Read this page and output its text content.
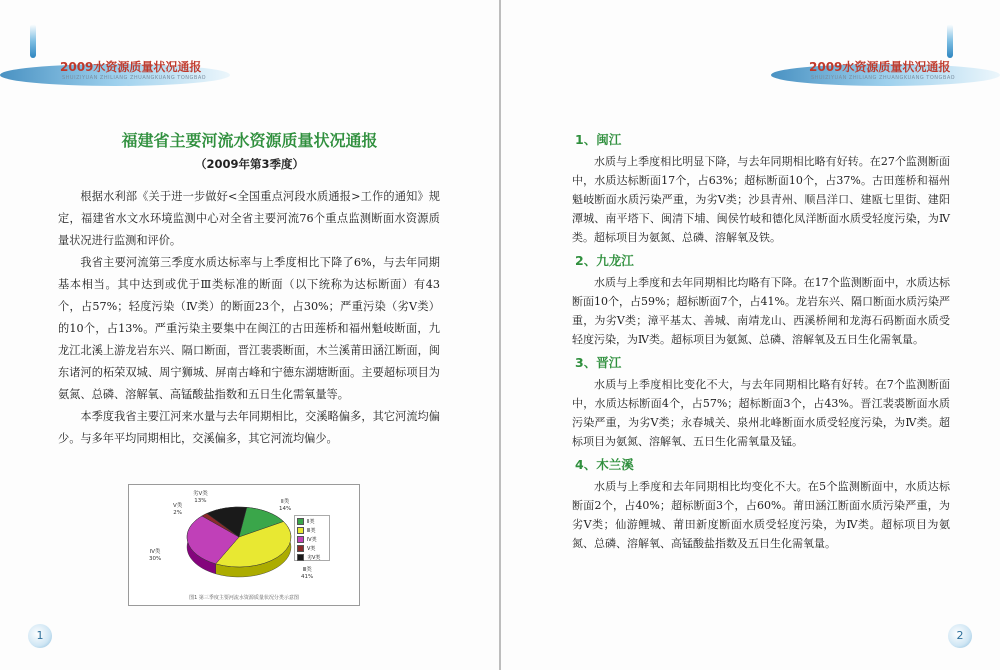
2009水资源质量状况通报
SHUIZIYUAN ZHILIANG ZHUANGKUANG TONGBAO
福建省主要河流水资源质量状况通报
（2009年第3季度）

根据水利部《关于进一步做好<全国重点河段水质通报>工作的通知》规定，福建省水文水环境监测中心对全省主要河流76个重点监测断面水资源质量状况进行监测和评价。

我省主要河流第三季度水质达标率与上季度相比下降了6%，与去年同期基本相当。其中达到或优于Ⅲ类标准的断面（以下统称为达标断面）有43个，占57%；轻度污染（Ⅳ类）的断面23个，占30%；严重污染（劣Ⅴ类）的10个，占13%。严重污染主要集中在闽江的古田莲桥和福州魁岐断面，九龙江北溪上游龙岩东兴、隔口断面，晋江裴裘断面，木兰溪莆田涵江断面，闽东诸河的柘荣双城、周宁狮城、屏南古峰和宁德东湖塘断面。主要超标项目为氨氮、总磷、溶解氧、高锰酸盐指数和五日生化需氧量等。

本季度我省主要江河来水量与去年同期相比，交溪略偏多，其它河流均偏少。与多年平均同期相比，交溪偏多，其它河流均偏少。

Ⅱ类
14%
Ⅲ类
41%
Ⅳ类
30%
Ⅴ类
2%
劣Ⅴ类
13%
Ⅱ类
Ⅲ类
Ⅳ类
Ⅴ类
劣Ⅴ类
图1 第三季度主要河流水资源质量状况分类示意图
1
2009水资源质量状况通报
SHUIZIYUAN ZHILIANG ZHUANGKUANG TONGBAO
2
1、闽江

水质与上季度相比明显下降，与去年同期相比略有好转。在27个监测断面中，水质达标断面17个，占63%；超标断面10个，占37%。古田莲桥和福州魁岐断面水质污染严重，为劣Ⅴ类；沙县青州、顺昌洋口、建瓯七里街、建阳潭城、南平塔下、闽清下埔、闽侯竹岐和德化凤洋断面水质受轻度污染，为Ⅳ类。超标项目为氨氮、总磷、溶解氧及铁。

2、九龙江

水质与上季度和去年同期相比均略有下降。在17个监测断面中，水质达标断面10个，占59%；超标断面7个，占41%。龙岩东兴、隔口断面水质污染严重，为劣Ⅴ类；漳平基太、善城、南靖龙山、西溪桥闸和龙海石码断面水质受轻度污染，为Ⅳ类。超标项目为氨氮、总磷、溶解氧及五日生化需氧量。

3、晋江

水质与上季度相比变化不大，与去年同期相比略有好转。在7个监测断面中，水质达标断面4个，占57%；超标断面3个，占43%。晋江裴裘断面水质污染严重，为劣Ⅴ类；永春城关、泉州北峰断面水质受轻度污染，为Ⅳ类。超标项目为氨氮、溶解氧、五日生化需氧量及锰。

4、木兰溪

水质与上季度和去年同期相比均变化不大。在5个监测断面中，水质达标断面2个，占40%；超标断面3个，占60%。莆田涵江断面水质污染严重，为劣Ⅴ类；仙游鲤城、莆田新度断面水质受轻度污染，为Ⅳ类。超标项目为氨氮、总磷、溶解氧、高锰酸盐指数及五日生化需氧量。
